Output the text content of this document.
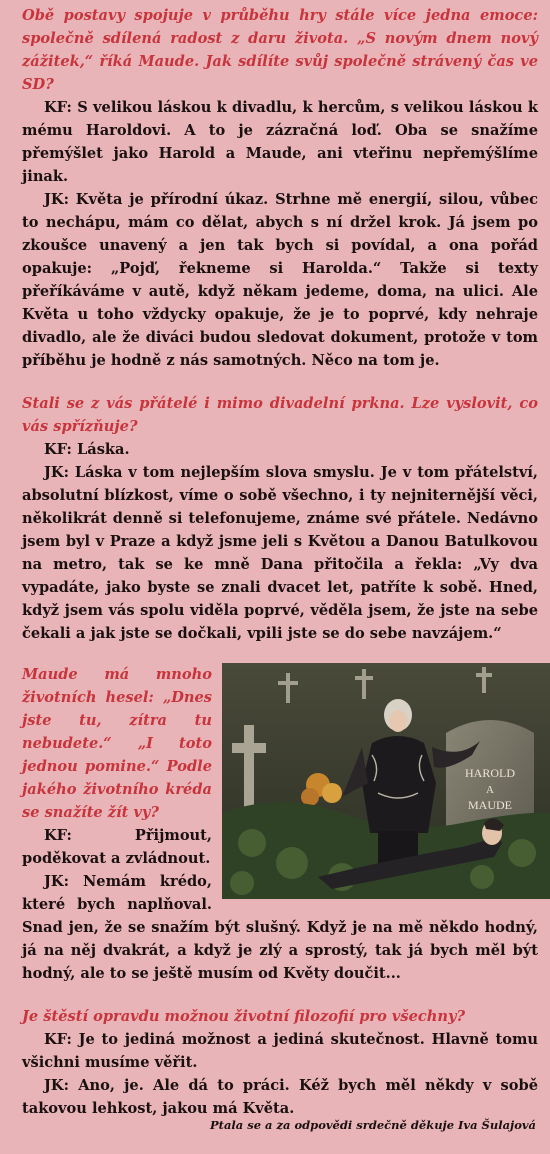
Obě postavy spojuje v průběhu hry stále více jedna emoce: společně sdílená radost z daru života. „S novým dnem nový zážitek,“ říká Maude. Jak sdílíte svůj společně strávený čas ve SD?

KF: S velikou láskou k divadlu, k hercům, s velikou láskou k mému Haroldovi. A to je zázračná loď. Oba se snažíme přemýšlet jako Harold a Maude, ani vteřinu nepřemýšlíme jinak.

JK: Květa je přírodní úkaz. Strhne mě energií, silou, vůbec to nechápu, mám co dělat, abych s ní držel krok. Já jsem po zkoušce unavený a jen tak bych si povídal, a ona pořád opakuje: „Pojď, řekneme si Harolda.“ Takže si texty přeříkáváme v autě, když někam jedeme, doma, na ulici. Ale Květa u toho vždycky opakuje, že je to poprvé, kdy nehraje divadlo, ale že diváci budou sledovat dokument, protože v tom příběhu je hodně z nás samotných. Něco na tom je.

Stali se z vás přátelé i mimo divadelní prkna. Lze vyslovit, co vás spřízňuje?

KF: Láska.

JK: Láska v tom nejlepším slova smyslu. Je v tom přátelství, absolutní blízkost, víme o sobě všechno, i ty nejniternější věci, několikrát denně si telefonujeme, známe své přátele. Nedávno jsem byl v Praze a když jsme jeli s Květou a Danou Batulkovou na metro, tak se ke mně Dana přitočila a řekla: „Vy dva vypadáte, jako byste se znali dvacet let, patříte k sobě. Hned, když jsem vás spolu viděla poprvé, věděla jsem, že jste na sebe čekali a jak jste se dočkali, vpili jste se do sebe navzájem.“

HAROLD
A
MAUDE

Maude má mnoho životních hesel: „Dnes jste tu, zítra tu nebudete.“ „I toto jednou pomine.“ Podle jakého životního kréda se snažíte žít vy?

KF: Přijmout, poděkovat a zvládnout.

JK: Nemám krédo, které bych naplňoval. Snad jen, že se snažím být slušný. Když je na mě někdo hodný, já na něj dvakrát, a když je zlý a sprostý, tak já bych měl být hodný, ale to se ještě musím od Květy doučit...

Je štěstí opravdu možnou životní filozofií pro všechny?

KF: Je to jediná možnost a jediná skutečnost. Hlavně tomu všichni musíme věřit.

JK: Ano, je. Ale dá to práci. Kéž bych měl někdy v sobě takovou lehkost, jakou má Květa.

Ptala se a za odpovědi srdečně děkuje Iva Šulajová
